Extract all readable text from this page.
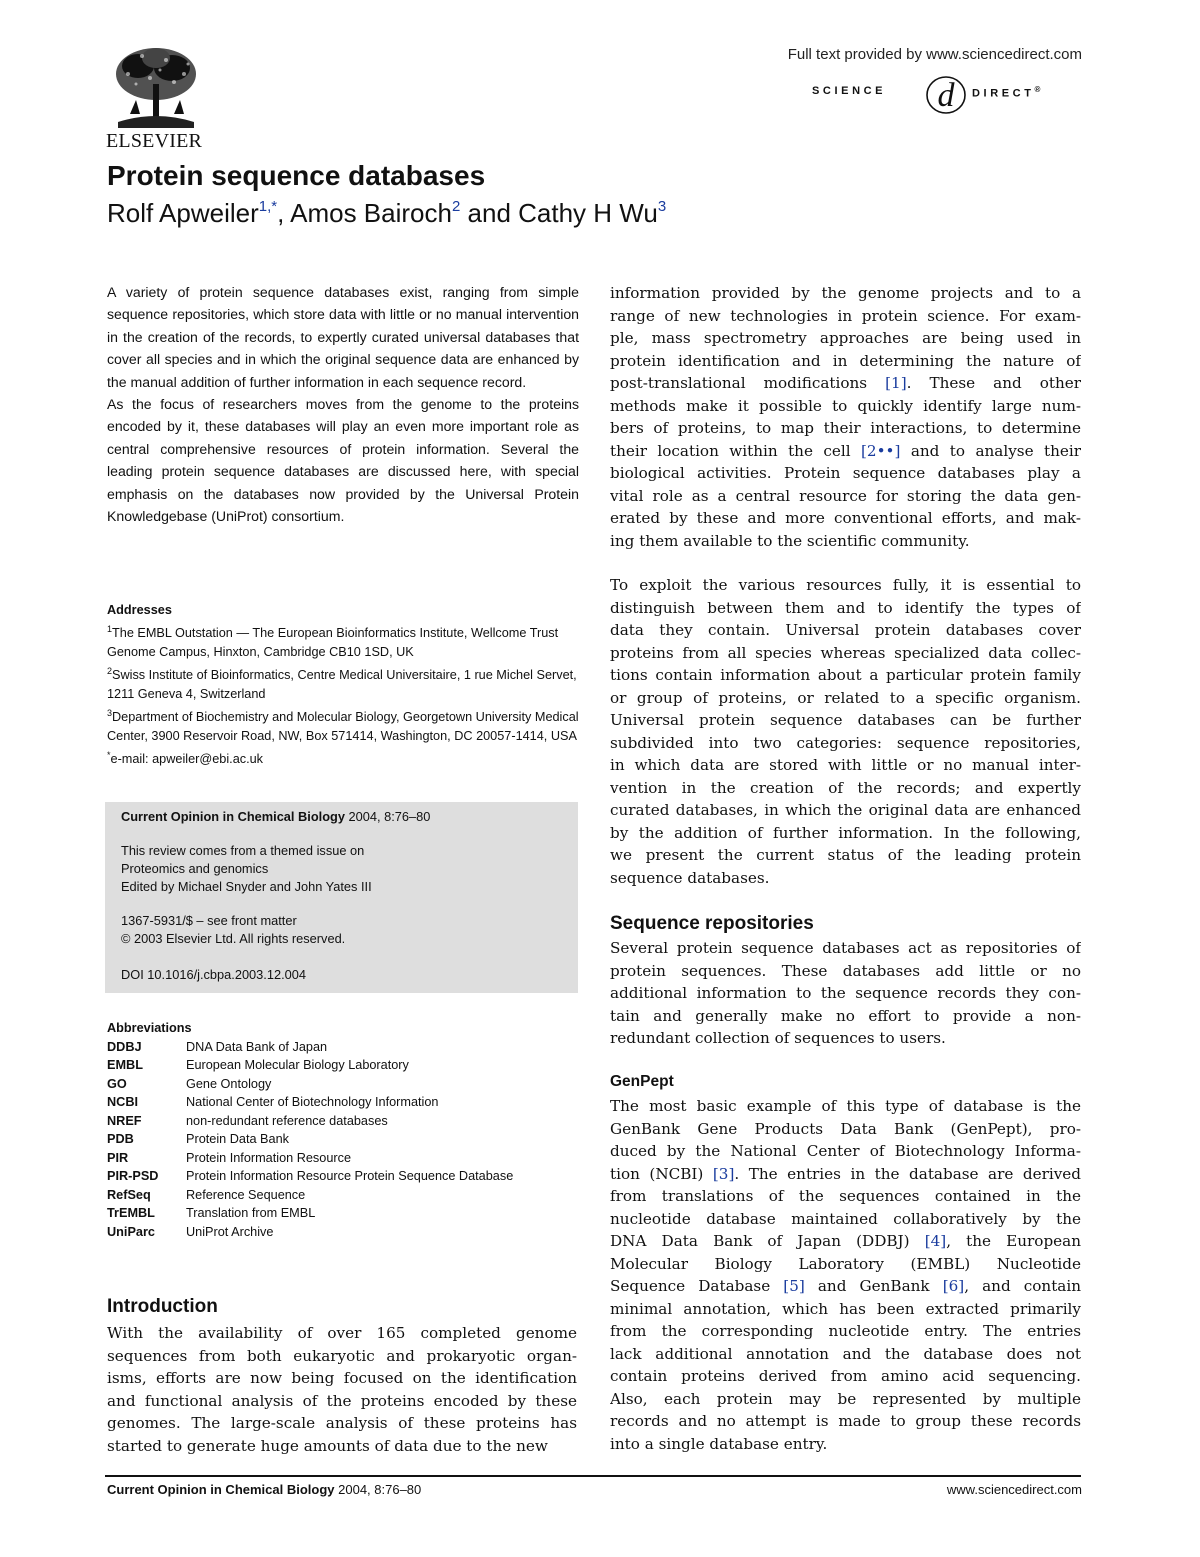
ELSEVIER
Full text provided by www.sciencedirect.com
SCIENCE d DIRECT®
Protein sequence databases
Rolf Apweiler$^{1,*}$, Amos Bairoch$^2$ and Cathy H Wu$^3$

A variety of protein sequence databases exist, ranging from simple sequence repositories, which store data with little or no manual intervention in the creation of the records, to expertly curated universal databases that cover all species and in which the original sequence data are enhanced by the manual addition of further information in each sequence record.

As the focus of researchers moves from the genome to the proteins encoded by it, these databases will play an even more important role as central comprehensive resources of protein information. Several the leading protein sequence databases are discussed here, with special emphasis on the databases now provided by the Universal Protein Knowledgebase (UniProt) consortium.

Addresses
$^1$The EMBL Outstation — The European Bioinformatics Institute, Wellcome Trust Genome Campus, Hinxton, Cambridge CB10 1SD, UK
$^2$Swiss Institute of Bioinformatics, Centre Medical Universitaire, 1 rue Michel Servet, 1211 Geneva 4, Switzerland
$^3$Department of Biochemistry and Molecular Biology, Georgetown University Medical Center, 3900 Reservoir Road, NW, Box 571414, Washington, DC 20057-1414, USA
*e-mail: apweiler@ebi.ac.uk
Current Opinion in Chemical Biology 2004, 8:76–80
This review comes from a themed issue on
Proteomics and genomics
Edited by Michael Snyder and John Yates III
1367-5931/$ – see front matter
© 2003 Elsevier Ltd. All rights reserved.
DOI 10.1016/j.cbpa.2003.12.004
Abbreviations
DDBJ	DNA Data Bank of Japan
EMBL	European Molecular Biology Laboratory
GO	Gene Ontology
NCBI	National Center of Biotechnology Information
NREF	non-redundant reference databases
PDB	Protein Data Bank
PIR	Protein Information Resource
PIR-PSD	Protein Information Resource Protein Sequence Database
RefSeq	Reference Sequence
TrEMBL	Translation from EMBL
UniParc	UniProt Archive
Introduction
With the availability of over 165 completed genome
sequences from both eukaryotic and prokaryotic organ-
isms, efforts are now being focused on the identification
and functional analysis of the proteins encoded by these
genomes. The large-scale analysis of these proteins has
started to generate huge amounts of data due to the new
information provided by the genome projects and to a
range of new technologies in protein science. For exam-
ple, mass spectrometry approaches are being used in
protein identification and in determining the nature of
post-translational modifications [1]. These and other
methods make it possible to quickly identify large num-
bers of proteins, to map their interactions, to determine
their location within the cell [2••] and to analyse their
biological activities. Protein sequence databases play a
vital role as a central resource for storing the data gen-
erated by these and more conventional efforts, and mak-
ing them available to the scientific community.
To exploit the various resources fully, it is essential to
distinguish between them and to identify the types of
data they contain. Universal protein databases cover
proteins from all species whereas specialized data collec-
tions contain information about a particular protein family
or group of proteins, or related to a specific organism.
Universal protein sequence databases can be further
subdivided into two categories: sequence repositories,
in which data are stored with little or no manual inter-
vention in the creation of the records; and expertly
curated databases, in which the original data are enhanced
by the addition of further information. In the following,
we present the current status of the leading protein
sequence databases.
Sequence repositories
Several protein sequence databases act as repositories of
protein sequences. These databases add little or no
additional information to the sequence records they con-
tain and generally make no effort to provide a non-
redundant collection of sequences to users.
GenPept
The most basic example of this type of database is the
GenBank Gene Products Data Bank (GenPept), pro-
duced by the National Center of Biotechnology Informa-
tion (NCBI) [3]. The entries in the database are derived
from translations of the sequences contained in the
nucleotide database maintained collaboratively by the
DNA Data Bank of Japan (DDBJ) [4], the European
Molecular Biology Laboratory (EMBL) Nucleotide
Sequence Database [5] and GenBank [6], and contain
minimal annotation, which has been extracted primarily
from the corresponding nucleotide entry. The entries
lack additional annotation and the database does not
contain proteins derived from amino acid sequencing.
Also, each protein may be represented by multiple
records and no attempt is made to group these records
into a single database entry.
Current Opinion in Chemical Biology 2004, 8:76–80	www.sciencedirect.com
